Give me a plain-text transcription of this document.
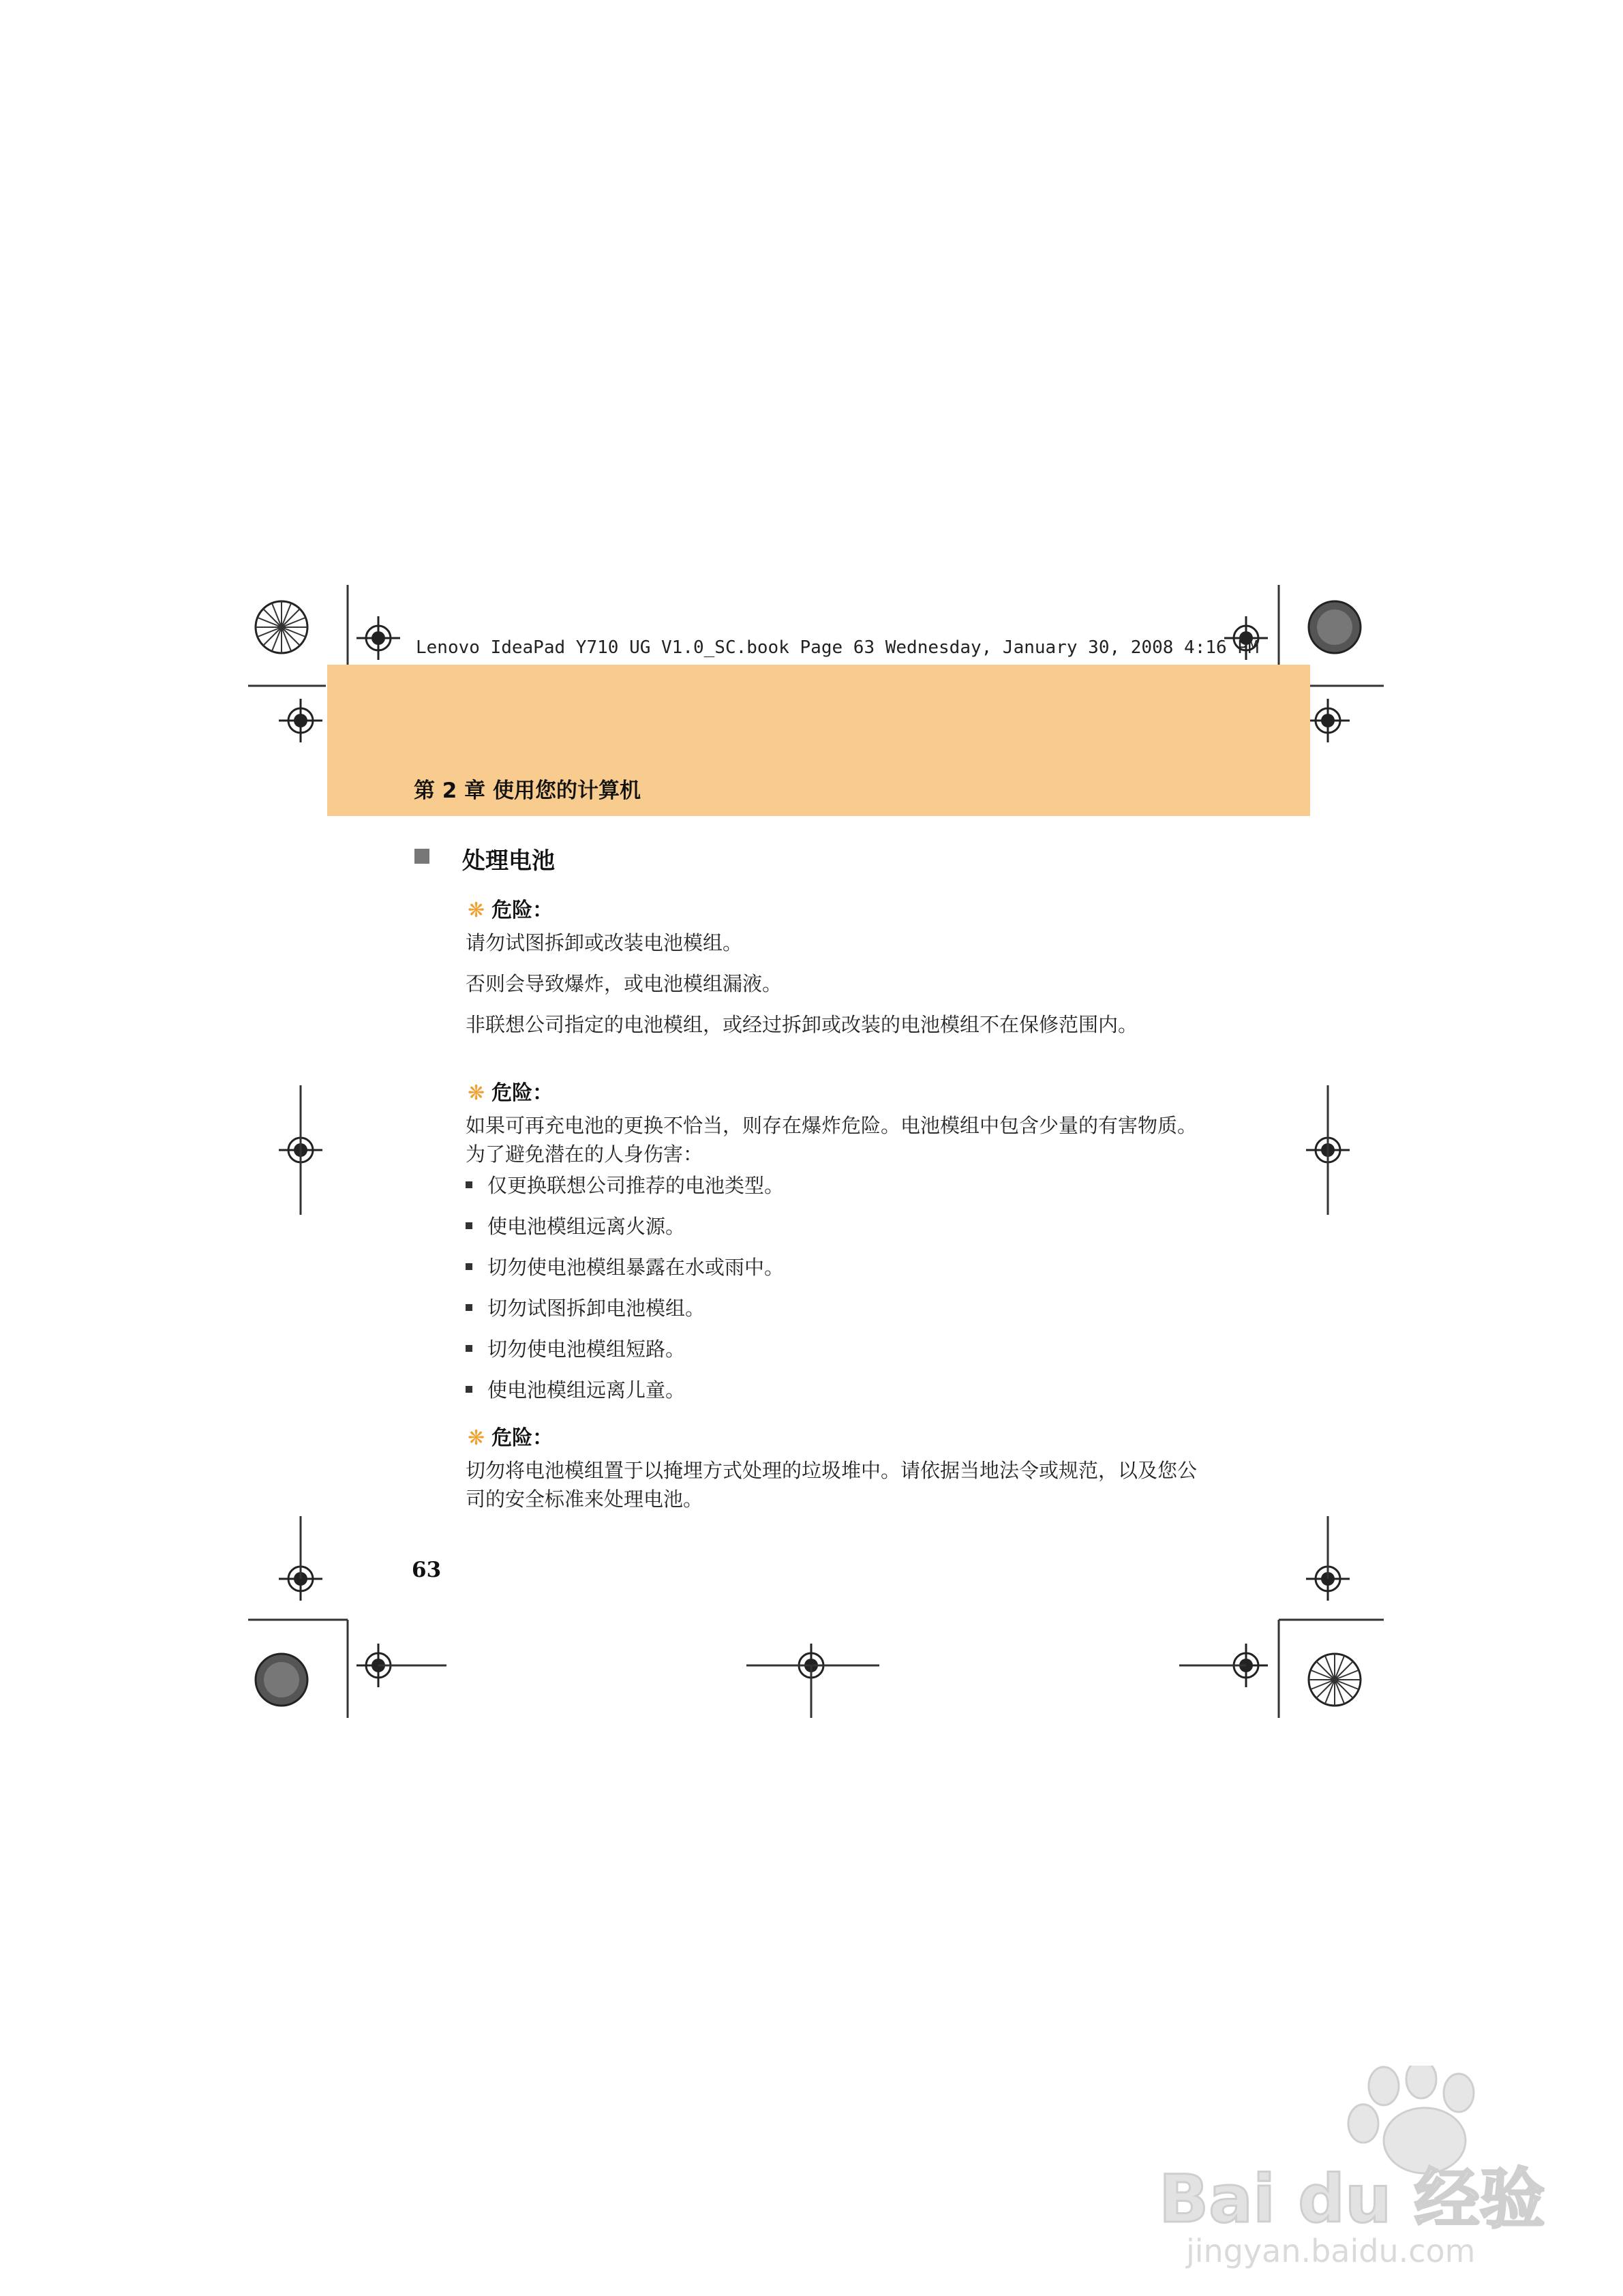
Lenovo IdeaPad Y710 UG V1.0_SC.book Page 63 Wednesday, January 30, 2008 4:16 PM
第 2 章 使用您的计算机
处理电池
❋ 危险：
请勿试图拆卸或改装电池模组。
否则会导致爆炸，或电池模组漏液。
非联想公司指定的电池模组，或经过拆卸或改装的电池模组不在保修范围内。
❋ 危险：
如果可再充电池的更换不恰当，则存在爆炸危险。电池模组中包含少量的有害物质。为了避免潜在的人身伤害：
仅更换联想公司推荐的电池类型。
使电池模组远离火源。
切勿使电池模组暴露在水或雨中。
切勿试图拆卸电池模组。
切勿使电池模组短路。
使电池模组远离儿童。
❋ 危险：
切勿将电池模组置于以掩埋方式处理的垃圾堆中。请依据当地法令或规范，以及您公司的安全标准来处理电池。
63
Bai du 经验
jingyan.baidu.com
